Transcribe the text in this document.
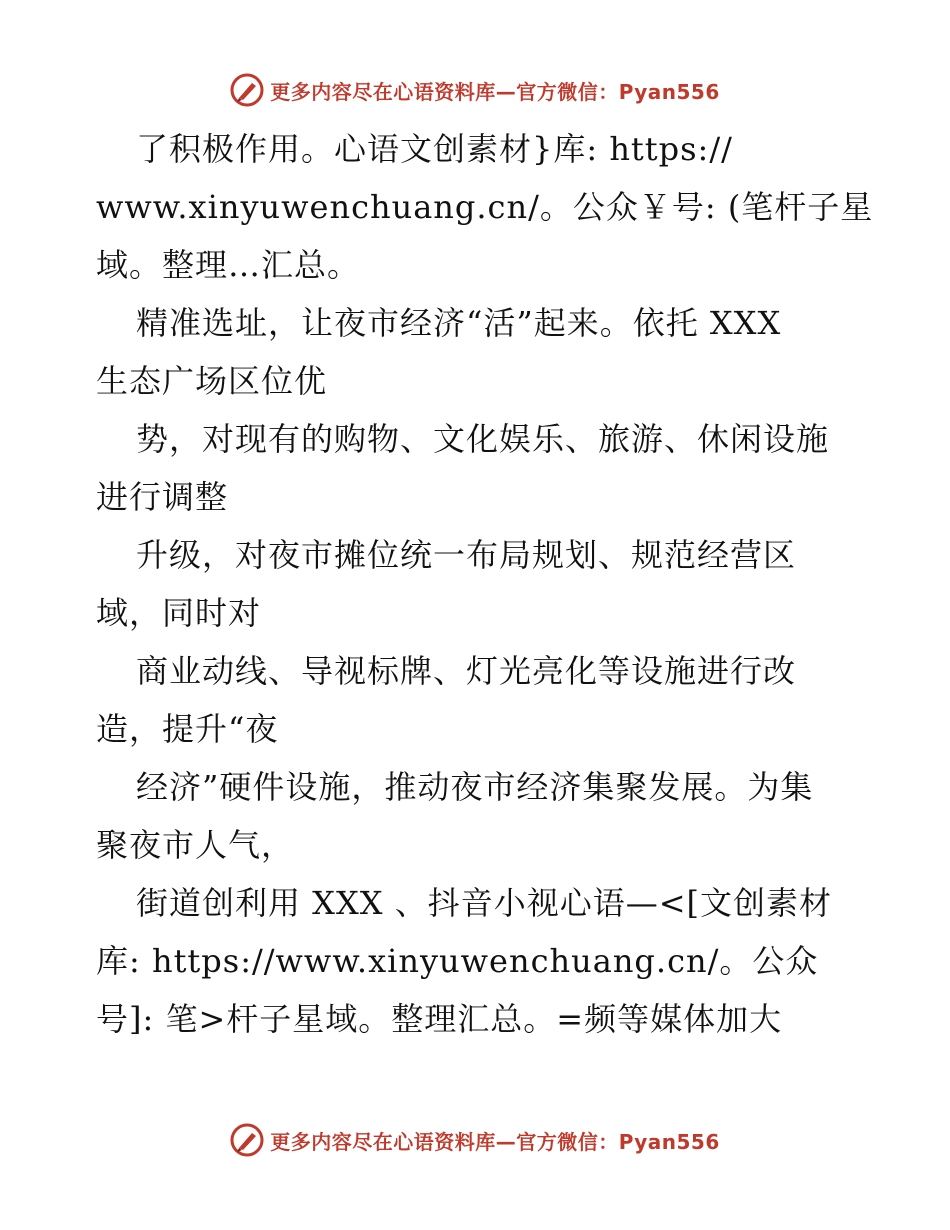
更多内容尽在心语资料库—官方微信：Pyan556
了积极作用。心语文创素材}库: https://
www.xinyuwenchuang.cn/。公众￥号: (笔杆子星
域。整理…汇总。
精准选址，让夜市经济“活”起来。依托 XXX
生态广场区位优
势，对现有的购物、文化娱乐、旅游、休闲设施
进行调整
升级，对夜市摊位统一布局规划、规范经营区
域，同时对
商业动线、导视标牌、灯光亮化等设施进行改
造，提升“夜
经济”硬件设施，推动夜市经济集聚发展。为集
聚夜市人气，
街道创利用 XXX 、抖音小视心语—<[文创素材
库: https://www.xinyuwenchuang.cn/。公众
号]: 笔>杆子星域。整理汇总。=频等媒体加大
更多内容尽在心语资料库—官方微信：Pyan556
